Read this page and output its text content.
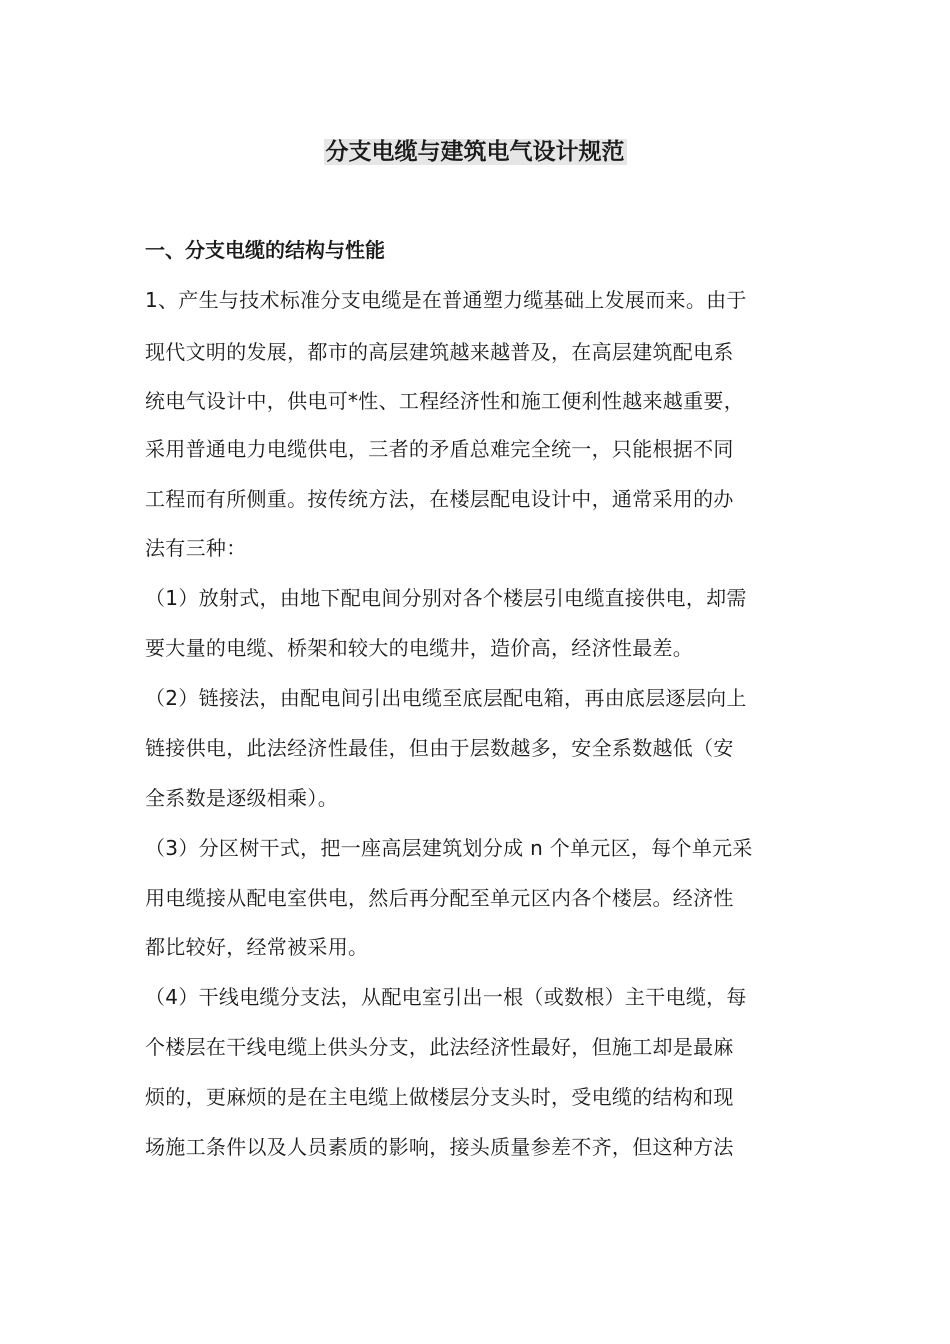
分支电缆与建筑电气设计规范
一、分支电缆的结构与性能
1、产生与技术标准分支电缆是在普通塑力缆基础上发展而来。由于
现代文明的发展，都市的高层建筑越来越普及，在高层建筑配电系
统电气设计中，供电可*性、工程经济性和施工便利性越来越重要，
采用普通电力电缆供电，三者的矛盾总难完全统一，只能根据不同
工程而有所侧重。按传统方法，在楼层配电设计中，通常采用的办
法有三种：
（1）放射式，由地下配电间分别对各个楼层引电缆直接供电，却需
要大量的电缆、桥架和较大的电缆井，造价高，经济性最差。
（2）链接法，由配电间引出电缆至底层配电箱，再由底层逐层向上
链接供电，此法经济性最佳，但由于层数越多，安全系数越低（安
全系数是逐级相乘）。
（3）分区树干式，把一座高层建筑划分成 n 个单元区，每个单元采
用电缆接从配电室供电，然后再分配至单元区内各个楼层。经济性
都比较好，经常被采用。
（4）干线电缆分支法，从配电室引出一根（或数根）主干电缆，每
个楼层在干线电缆上供头分支，此法经济性最好，但施工却是最麻
烦的，更麻烦的是在主电缆上做楼层分支头时，受电缆的结构和现
场施工条件以及人员素质的影响，接头质量参差不齐，但这种方法
